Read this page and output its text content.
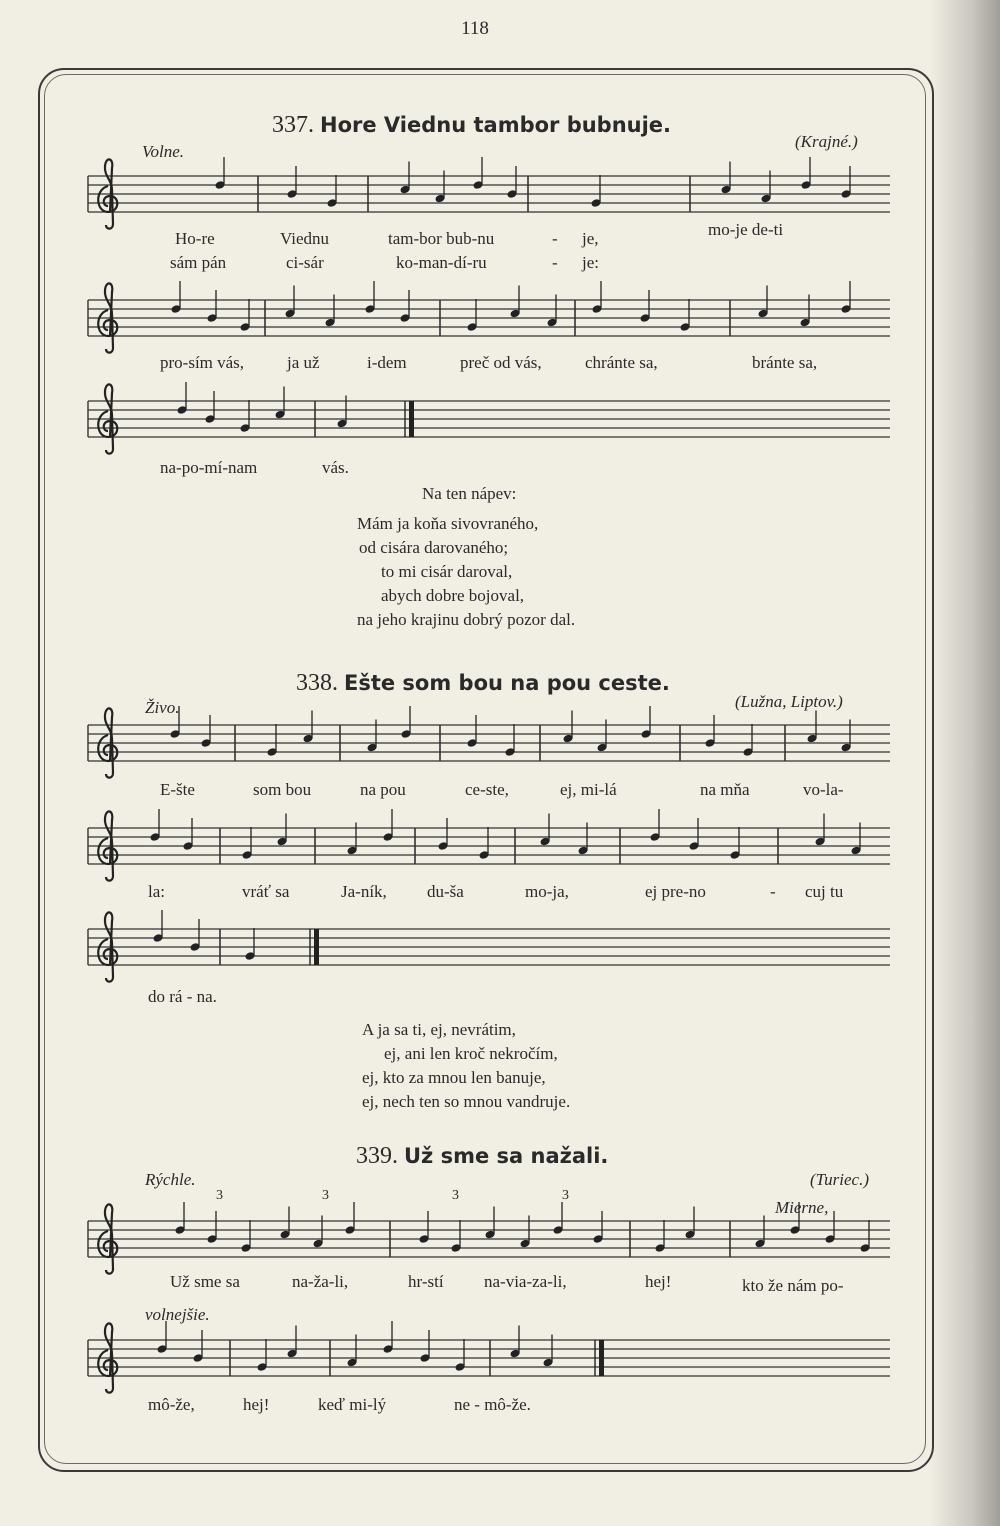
118
337. Hore Viednu tambor bubnuje.
Volne.
(Krajné.)
Ho-re	Viednu	tam-bor bub-nu	- je,	mo-je de-ti
sám pán	ci-sár	ko-man-dí-ru	- je:
pro-sím vás,	ja už	i-dem	preč od vás,	chránte sa,	bránte sa,
na-po-mí-nam	vás.
Na ten nápev:
Mám ja koňa sivovraného,
od cisára darovaného;
to mi cisár daroval,
abych dobre bojoval,
na jeho krajinu dobrý pozor dal.
338. Ešte som bou na pou ceste.
Živo.	(Lužna, Liptov.)
E-šte	som bou	na pou	ce-ste,	ej, mi-lá	na mňa	vo-la-
la:	vráť sa	Ja-ník, du-ša	mo-ja,	ej pre-no	- cuj tu
do rá - na.
A ja sa ti, ej, nevrátim,
ej, ani len kroč nekročím,
ej, kto za mnou len banuje,
ej, nech ten so mnou vandruje.
339. Už sme sa nažali.
Rýchle.	(Turiec.)
Mierne,
3	3	3	3
Už sme sa	na-ža-li,	hr-stí na-via-za-li,	hej!	kto že nám po-
volnejšie.
mô-že,	hej!	keď mi-lý	ne - mô-že.
